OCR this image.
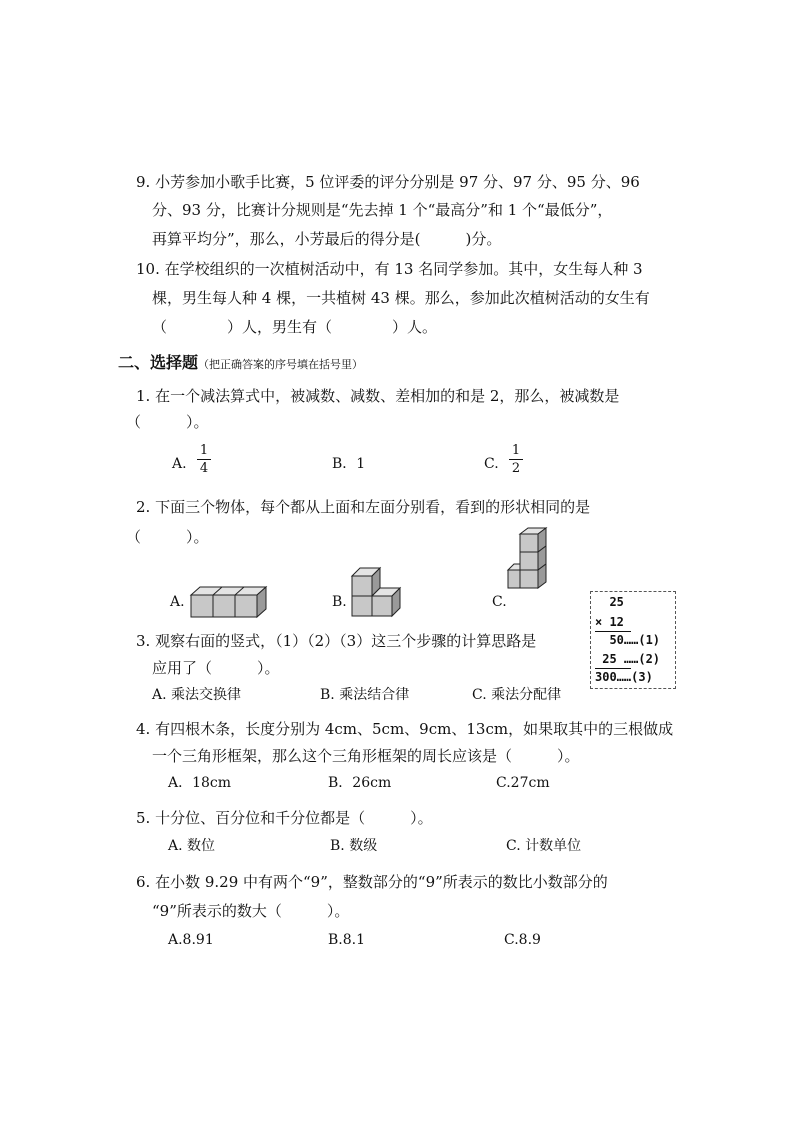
9. 小芳参加小歌手比赛，5 位评委的评分分别是 97 分、97 分、95 分、96
分、93 分，比赛计分规则是“先去掉 1 个“最高分”和 1 个“最低分”，
再算平均分”，那么，小芳最后的得分是(　　　)分。
10. 在学校组织的一次植树活动中，有 13 名同学参加。其中，女生每人种 3
棵，男生每人种 4 棵，一共植树 43 棵。那么，参加此次植树活动的女生有
（　　　　）人，男生有（　　　　）人。
二、选择题（把正确答案的序号填在括号里）
1. 在一个减法算式中，被减数、减数、差相加的和是 2，那么，被减数是
（　　　）。
A.
1
4	B．1	C.
1
2
2. 下面三个物体，每个都从上面和左面分别看，看到的形状相同的是
（　　　）。
A.	B.	C.
3. 观察右面的竖式，（1）（2）（3）这三个步骤的计算思路是
应用了（　　　）。
A. 乘法交换律	B. 乘法结合律	C. 乘法分配律
25
× 12
50……(1)
25 ……(2)
300……(3)
4. 有四根木条，长度分别为 4cm、5cm、9cm、13cm，如果取其中的三根做成
一个三角形框架，那么这个三角形框架的周长应该是（　　　）。
A．18cm	B．26cm	C.27cm
5. 十分位、百分位和千分位都是（　　　）。
A. 数位	B. 数级	C. 计数单位
6. 在小数 9.29 中有两个“9”，整数部分的“9”所表示的数比小数部分的
“9”所表示的数大（　　　）。
A.8.91	B.8.1	C.8.9
